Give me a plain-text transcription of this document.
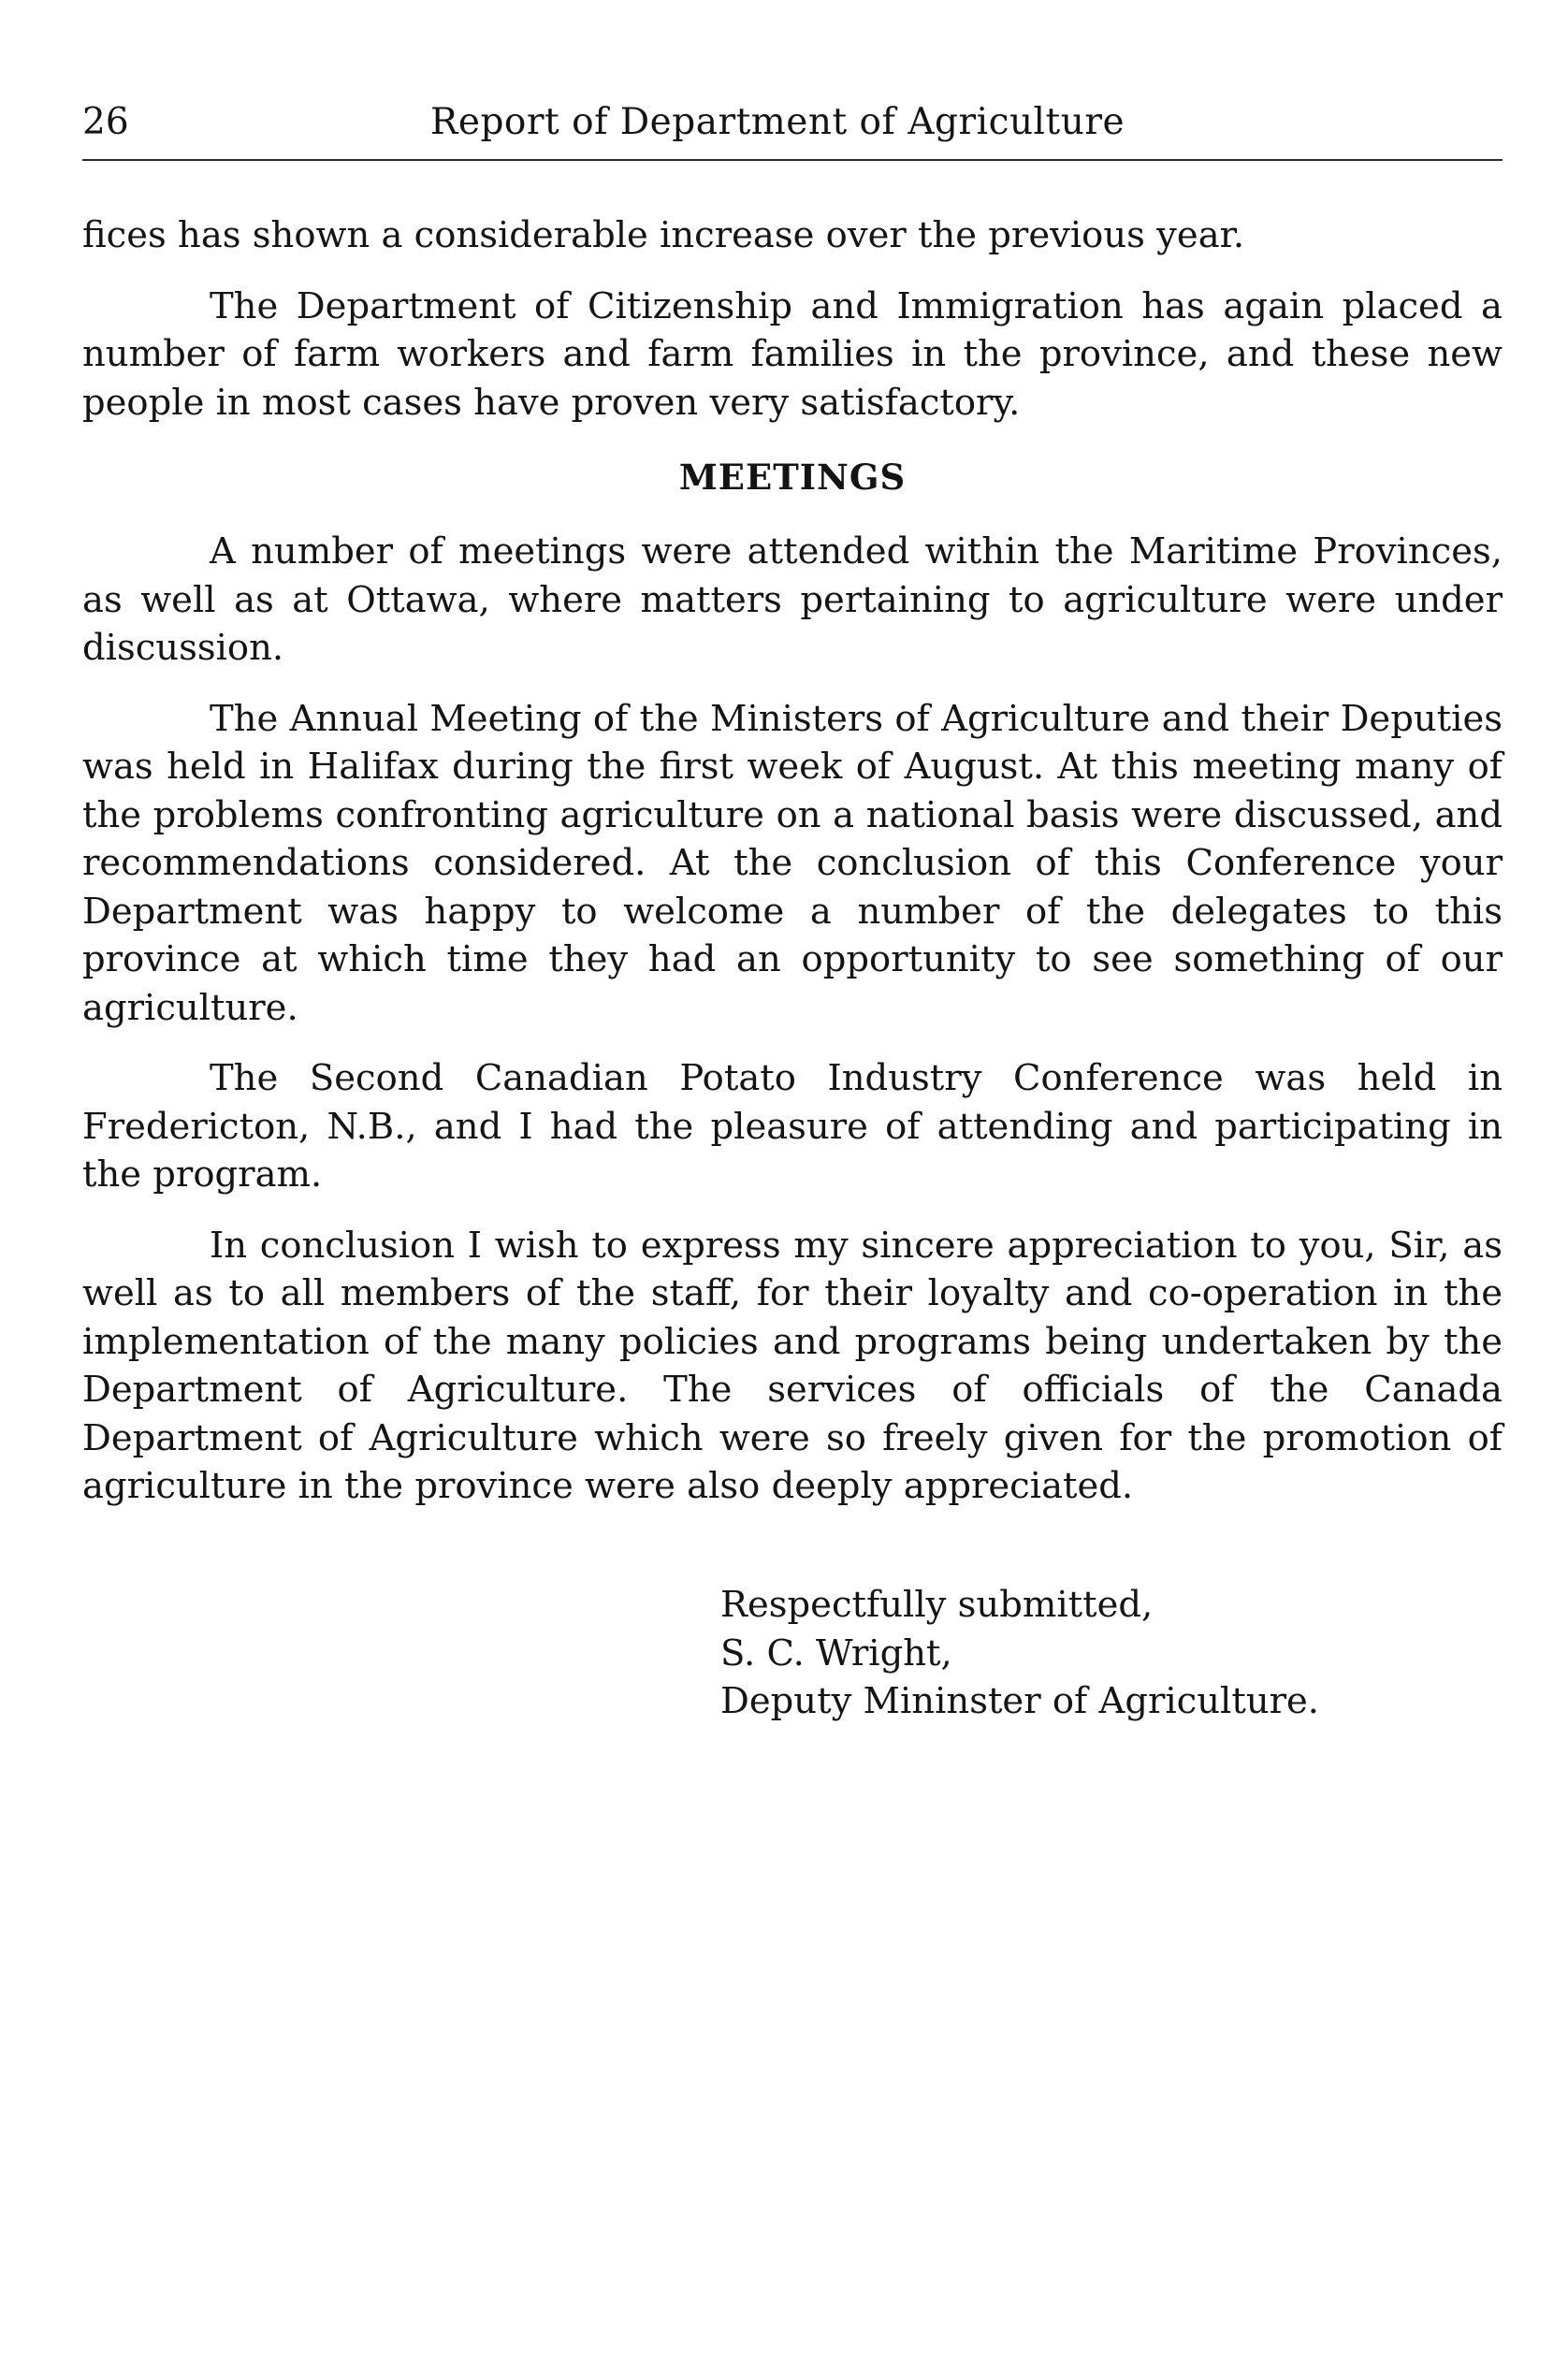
26	Report of Department of Agriculture

fices has shown a considerable increase over the previous year.

The Department of Citizenship and Immigration has again placed a number of farm workers and farm families in the province, and these new people in most cases have proven very satisfactory.

MEETINGS

A number of meetings were attended within the Maritime Provinces, as well as at Ottawa, where matters pertaining to agriculture were under discussion.

The Annual Meeting of the Ministers of Agriculture and their Deputies was held in Halifax during the first week of August. At this meeting many of the problems confronting agriculture on a national basis were discussed, and recommendations considered. At the conclusion of this Conference your Department was happy to welcome a number of the delegates to this province at which time they had an opportunity to see something of our agriculture.

The Second Canadian Potato Industry Conference was held in Fredericton, N.B., and I had the pleasure of attending and participating in the program.

In conclusion I wish to express my sincere appreciation to you, Sir, as well as to all members of the staff, for their loyalty and co-operation in the implementation of the many policies and programs being undertaken by the Department of Agriculture. The services of officials of the Canada Department of Agriculture which were so freely given for the promotion of agriculture in the province were also deeply appreciated.

Respectfully submitted,
S. C. Wright,
Deputy Mininster of Agriculture.
